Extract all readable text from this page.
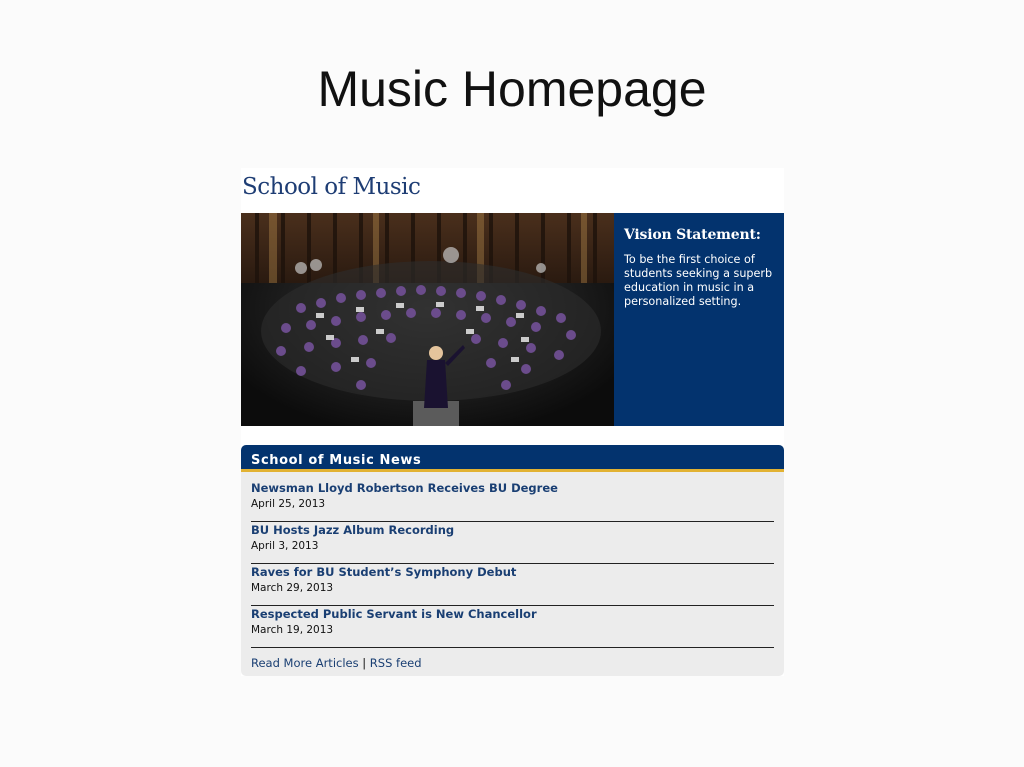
Music Homepage
School of Music
Vision Statement:
To be the first choice of students seeking a superb education in music in a personalized setting.
School of Music News
Newsman Lloyd Robertson Receives BU Degree
April 25, 2013
BU Hosts Jazz Album Recording
April 3, 2013
Raves for BU Student’s Symphony Debut
March 29, 2013
Respected Public Servant is New Chancellor
March 19, 2013
Read More Articles | RSS feed
